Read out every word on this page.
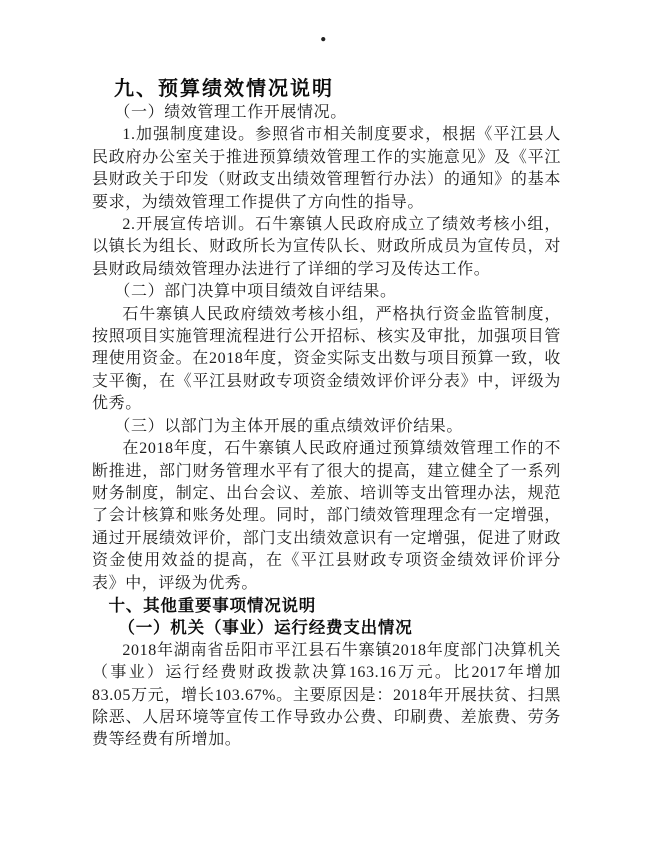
.
九、预算绩效情况说明
（一）绩效管理工作开展情况。
1.加强制度建设。参照省市相关制度要求，根据《平江县人民政府办公室关于推进预算绩效管理工作的实施意见》及《平江县财政关于印发（财政支出绩效管理暂行办法）的通知》的基本要求，为绩效管理工作提供了方向性的指导。
2.开展宣传培训。石牛寨镇人民政府成立了绩效考核小组，以镇长为组长、财政所长为宣传队长、财政所成员为宣传员，对县财政局绩效管理办法进行了详细的学习及传达工作。
（二）部门决算中项目绩效自评结果。
石牛寨镇人民政府绩效考核小组，严格执行资金监管制度，按照项目实施管理流程进行公开招标、核实及审批，加强项目管理使用资金。在2018年度，资金实际支出数与项目预算一致，收支平衡，在《平江县财政专项资金绩效评价评分表》中，评级为优秀。
（三）以部门为主体开展的重点绩效评价结果。
在2018年度，石牛寨镇人民政府通过预算绩效管理工作的不断推进，部门财务管理水平有了很大的提高，建立健全了一系列财务制度，制定、出台会议、差旅、培训等支出管理办法，规范了会计核算和账务处理。同时，部门绩效管理理念有一定增强，通过开展绩效评价，部门支出绩效意识有一定增强，促进了财政资金使用效益的提高，在《平江县财政专项资金绩效评价评分表》中，评级为优秀。
十、其他重要事项情况说明
（一）机关（事业）运行经费支出情况
2018年湖南省岳阳市平江县石牛寨镇2018年度部门决算机关（事业）运行经费财政拨款决算163.16万元。比2017年增加83.05万元，增长103.67%。主要原因是：2018年开展扶贫、扫黑除恶、人居环境等宣传工作导致办公费、印刷费、差旅费、劳务费等经费有所增加。
